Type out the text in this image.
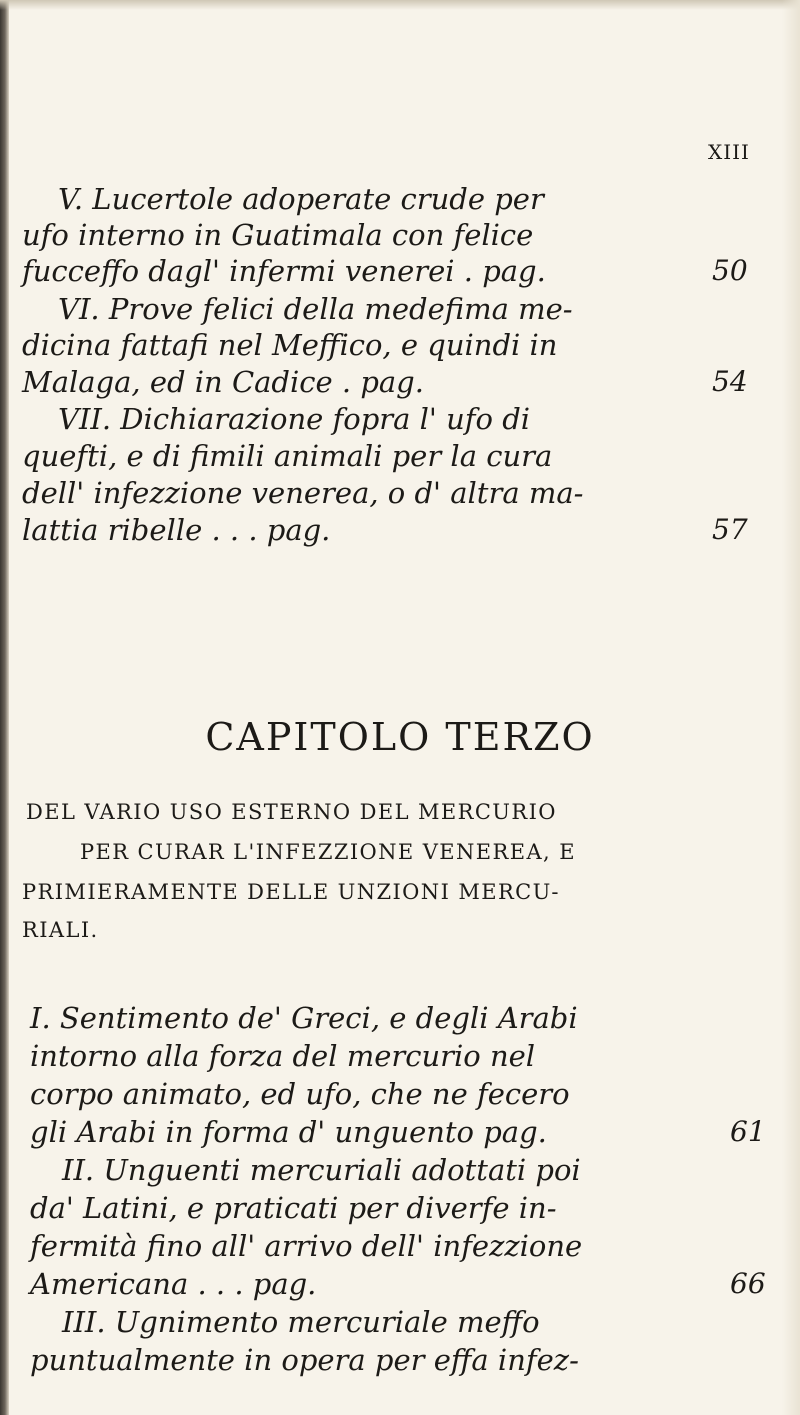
XIII
V. Lucertole adoperate crude per
ufo interno in Guatimala con felice
fucceffo dagl' infermi venerei . pag.	50
VI. Prove felici della medefima me-
dicina fattafi nel Meffico, e quindi in
Malaga, ed in Cadice . pag.	54
VII. Dichiarazione fopra l' ufo di
quefti, e di fimili animali per la cura
dell' infezzione venerea, o d' altra ma-
lattia ribelle . . . pag.	57
CAPITOLO TERZO
DEL VARIO USO ESTERNO DEL MERCURIO
PER CURAR L'INFEZZIONE VENEREA, E
PRIMIERAMENTE DELLE UNZIONI MERCU-
RIALI.
I. Sentimento de' Greci, e degli Arabi
intorno alla forza del mercurio nel
corpo animato, ed ufo, che ne fecero
gli Arabi in forma d' unguento pag.	61
II. Unguenti mercuriali adottati poi
da' Latini, e praticati per diverfe in-
fermità fino all' arrivo dell' infezzione
Americana . . . pag.	66
III. Ugnimento mercuriale meffo
puntualmente in opera per effa infez-
